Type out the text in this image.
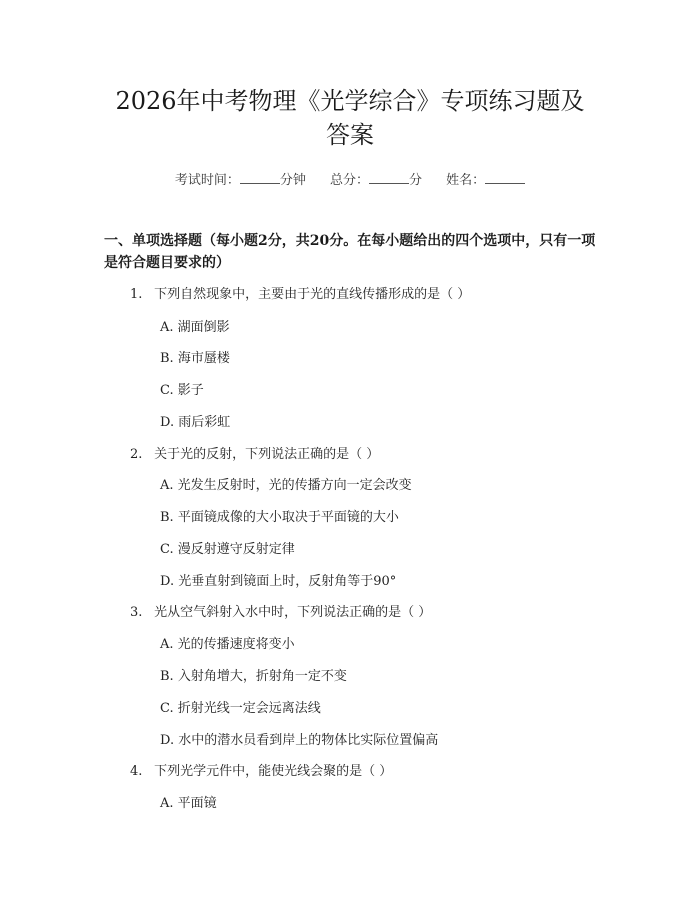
2026年中考物理《光学综合》专项练习题及
答案
考试时间：	分钟 总分：	分 姓名：
一、单项选择题（每小题2分，共20分。在每小题给出的四个选项中，只有一项
是符合题目要求的）
1. 下列自然现象中，主要由于光的直线传播形成的是（ ）
A. 湖面倒影
B. 海市蜃楼
C. 影子
D. 雨后彩虹
2. 关于光的反射，下列说法正确的是（ ）
A. 光发生反射时，光的传播方向一定会改变
B. 平面镜成像的大小取决于平面镜的大小
C. 漫反射遵守反射定律
D. 光垂直射到镜面上时，反射角等于90°
3. 光从空气斜射入水中时，下列说法正确的是（ ）
A. 光的传播速度将变小
B. 入射角增大，折射角一定不变
C. 折射光线一定会远离法线
D. 水中的潜水员看到岸上的物体比实际位置偏高
4. 下列光学元件中，能使光线会聚的是（ ）
A. 平面镜
